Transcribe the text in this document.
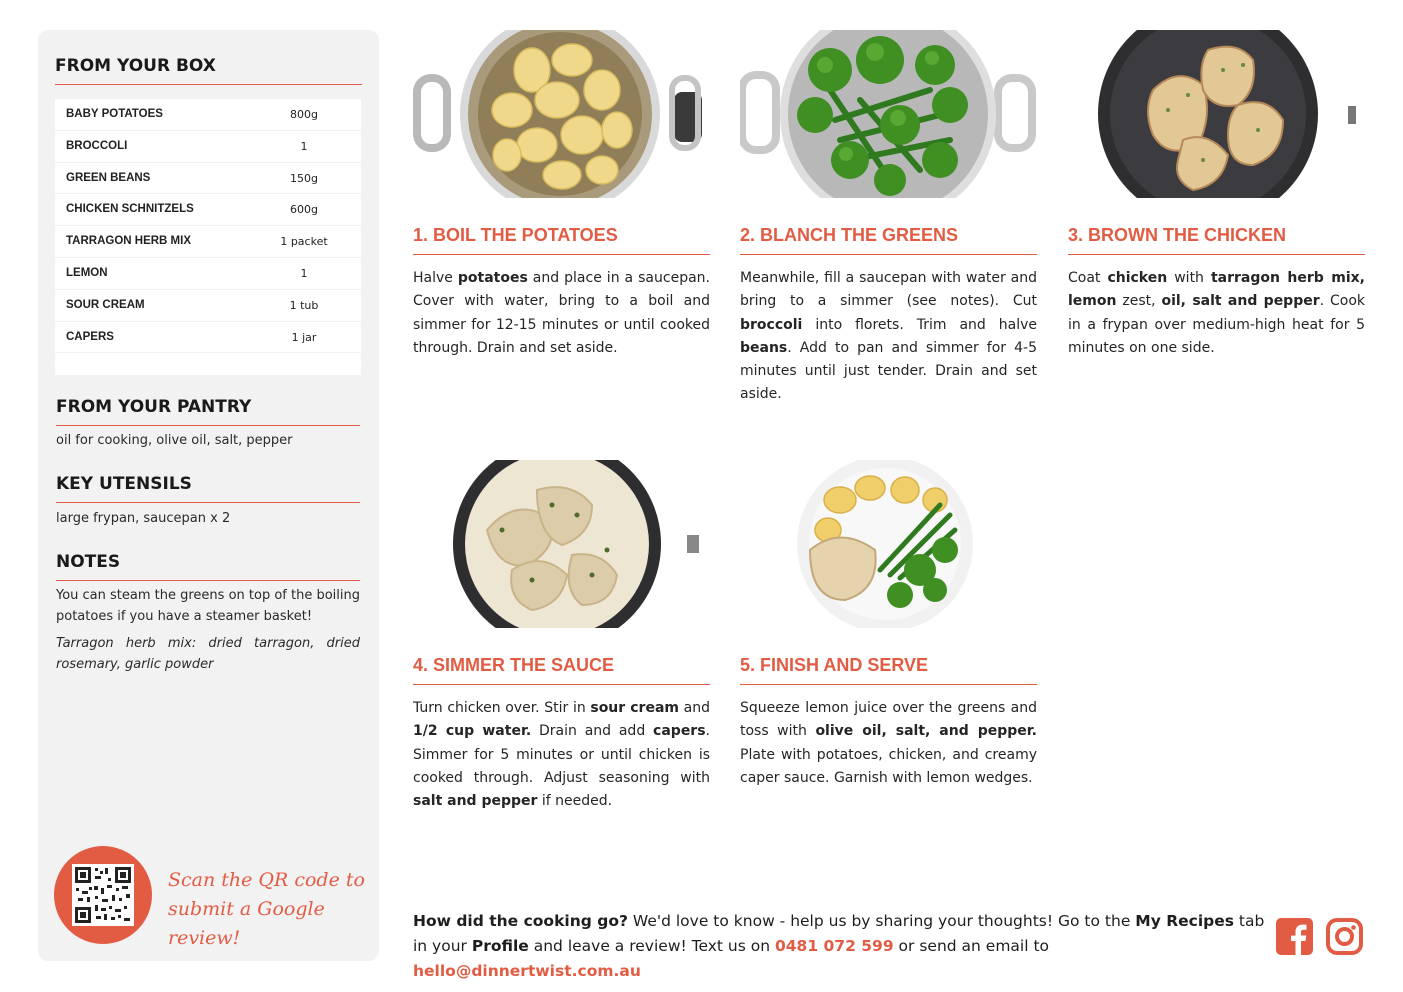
FROM YOUR BOX
BABY POTATOES	800g
BROCCOLI	1
GREEN BEANS	150g
CHICKEN SCHNITZELS	600g
TARRAGON HERB MIX	1 packet
LEMON	1
SOUR CREAM	1 tub
CAPERS	1 jar
FROM YOUR PANTRY
oil for cooking, olive oil, salt, pepper
KEY UTENSILS
large frypan, saucepan x 2
NOTES
You can steam the greens on top of the boiling potatoes if you have a steamer basket!
Tarragon herb mix: dried tarragon, dried rosemary, garlic powder
Scan the QR code to
submit a Google review!
1. BOIL THE POTATOES
Halve potatoes and place in a saucepan. Cover with water, bring to a boil and simmer for 12-15 minutes or until cooked through. Drain and set aside.
2. BLANCH THE GREENS
Meanwhile, fill a saucepan with water and bring to a simmer (see notes). Cut broccoli into florets. Trim and halve beans. Add to pan and simmer for 4-5 minutes until just tender. Drain and set aside.
3. BROWN THE CHICKEN
Coat chicken with tarragon herb mix, lemon zest, oil, salt and pepper. Cook in a frypan over medium-high heat for 5 minutes on one side.
4. SIMMER THE SAUCE
Turn chicken over. Stir in sour cream and 1/2 cup water. Drain and add capers. Simmer for 5 minutes or until chicken is cooked through. Adjust seasoning with salt and pepper if needed.
5. FINISH AND SERVE
Squeeze lemon juice over the greens and toss with olive oil, salt, and pepper. Plate with potatoes, chicken, and creamy caper sauce. Garnish with lemon wedges.
How did the cooking go? We'd love to know - help us by sharing your thoughts! Go to the My Recipes tab in your Profile and leave a review! Text us on 0481 072 599 or send an email to hello@dinnertwist.com.au
